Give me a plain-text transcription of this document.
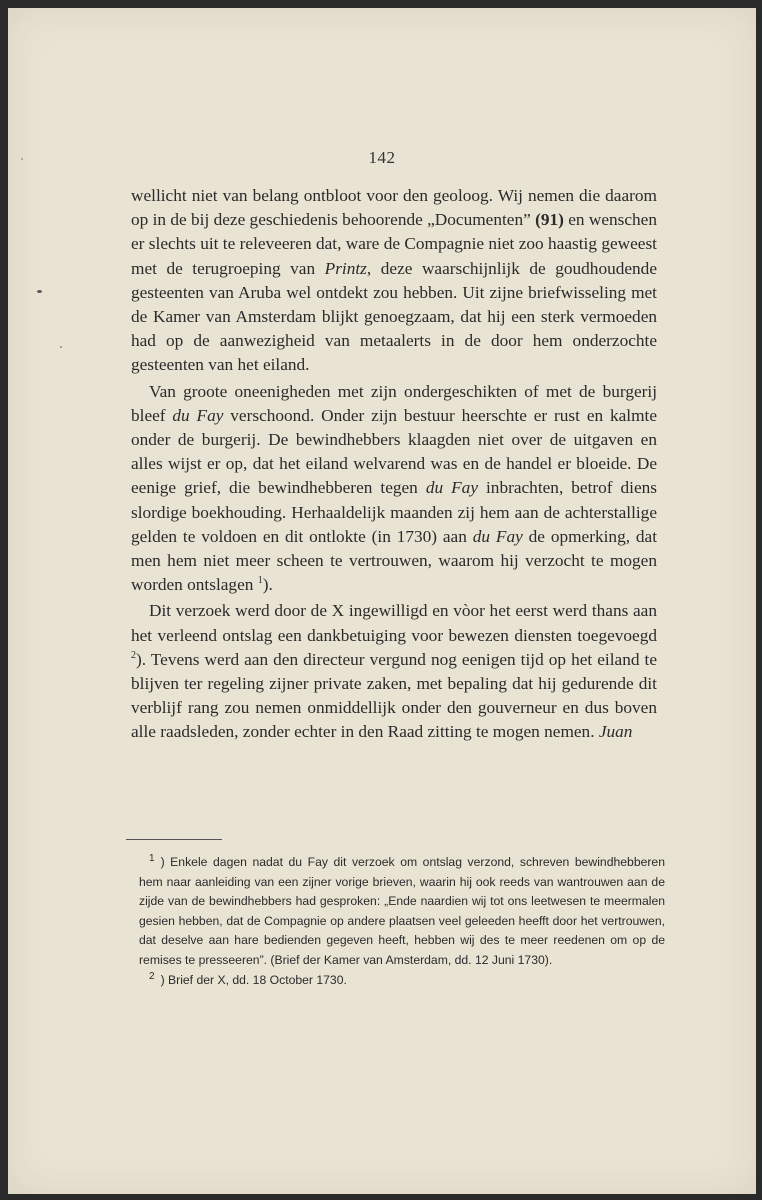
142

wellicht niet van belang ontbloot voor den geoloog. Wij nemen die daarom op in de bij deze geschiedenis behoorende „Documenten” (91) en wenschen er slechts uit te releveeren dat, ware de Compagnie niet zoo haastig geweest met de terugroeping van Printz, deze waarschijnlijk de goudhoudende gesteenten van Aruba wel ontdekt zou hebben. Uit zijne briefwisseling met de Kamer van Amsterdam blijkt genoegzaam, dat hij een sterk vermoeden had op de aanwezigheid van metaalerts in de door hem onderzochte gesteenten van het eiland.

Van groote oneenigheden met zijn ondergeschikten of met de burgerij bleef du Fay verschoond. Onder zijn bestuur heerschte er rust en kalmte onder de burgerij. De bewindhebbers klaagden niet over de uitgaven en alles wijst er op, dat het eiland welvarend was en de handel er bloeide. De eenige grief, die bewindhebberen tegen du Fay inbrachten, betrof diens slordige boekhouding. Herhaaldelijk maanden zij hem aan de achterstallige gelden te voldoen en dit ontlokte (in 1730) aan du Fay de opmerking, dat men hem niet meer scheen te vertrouwen, waarom hij verzocht te mogen worden ontslagen $^1$).

Dit verzoek werd door de X ingewilligd en vòor het eerst werd thans aan het verleend ontslag een dankbetuiging voor bewezen diensten toegevoegd $^2$). Tevens werd aan den directeur vergund nog eenigen tijd op het eiland te blijven ter regeling zijner private zaken, met bepaling dat hij gedurende dit verblijf rang zou nemen onmiddellijk onder den gouverneur en dus boven alle raadsleden, zonder echter in den Raad zitting te mogen nemen. Juan

$^1$ ) Enkele dagen nadat du Fay dit verzoek om ontslag verzond, schreven bewindhebberen hem naar aanleiding van een zijner vorige brieven, waarin hij ook reeds van wantrouwen aan de zijde van de bewindhebbers had gesproken: „Ende naardien wij tot ons leetwesen te meermalen gesien hebben, dat de Compagnie op andere plaatsen veel geleeden heefft door het vertrouwen, dat deselve aan hare bedienden gegeven heeft, hebben wij des te meer reedenen om op de remises te presseeren”. (Brief der Kamer van Amsterdam, dd. 12 Juni 1730).

$^2$ ) Brief der X, dd. 18 October 1730.
